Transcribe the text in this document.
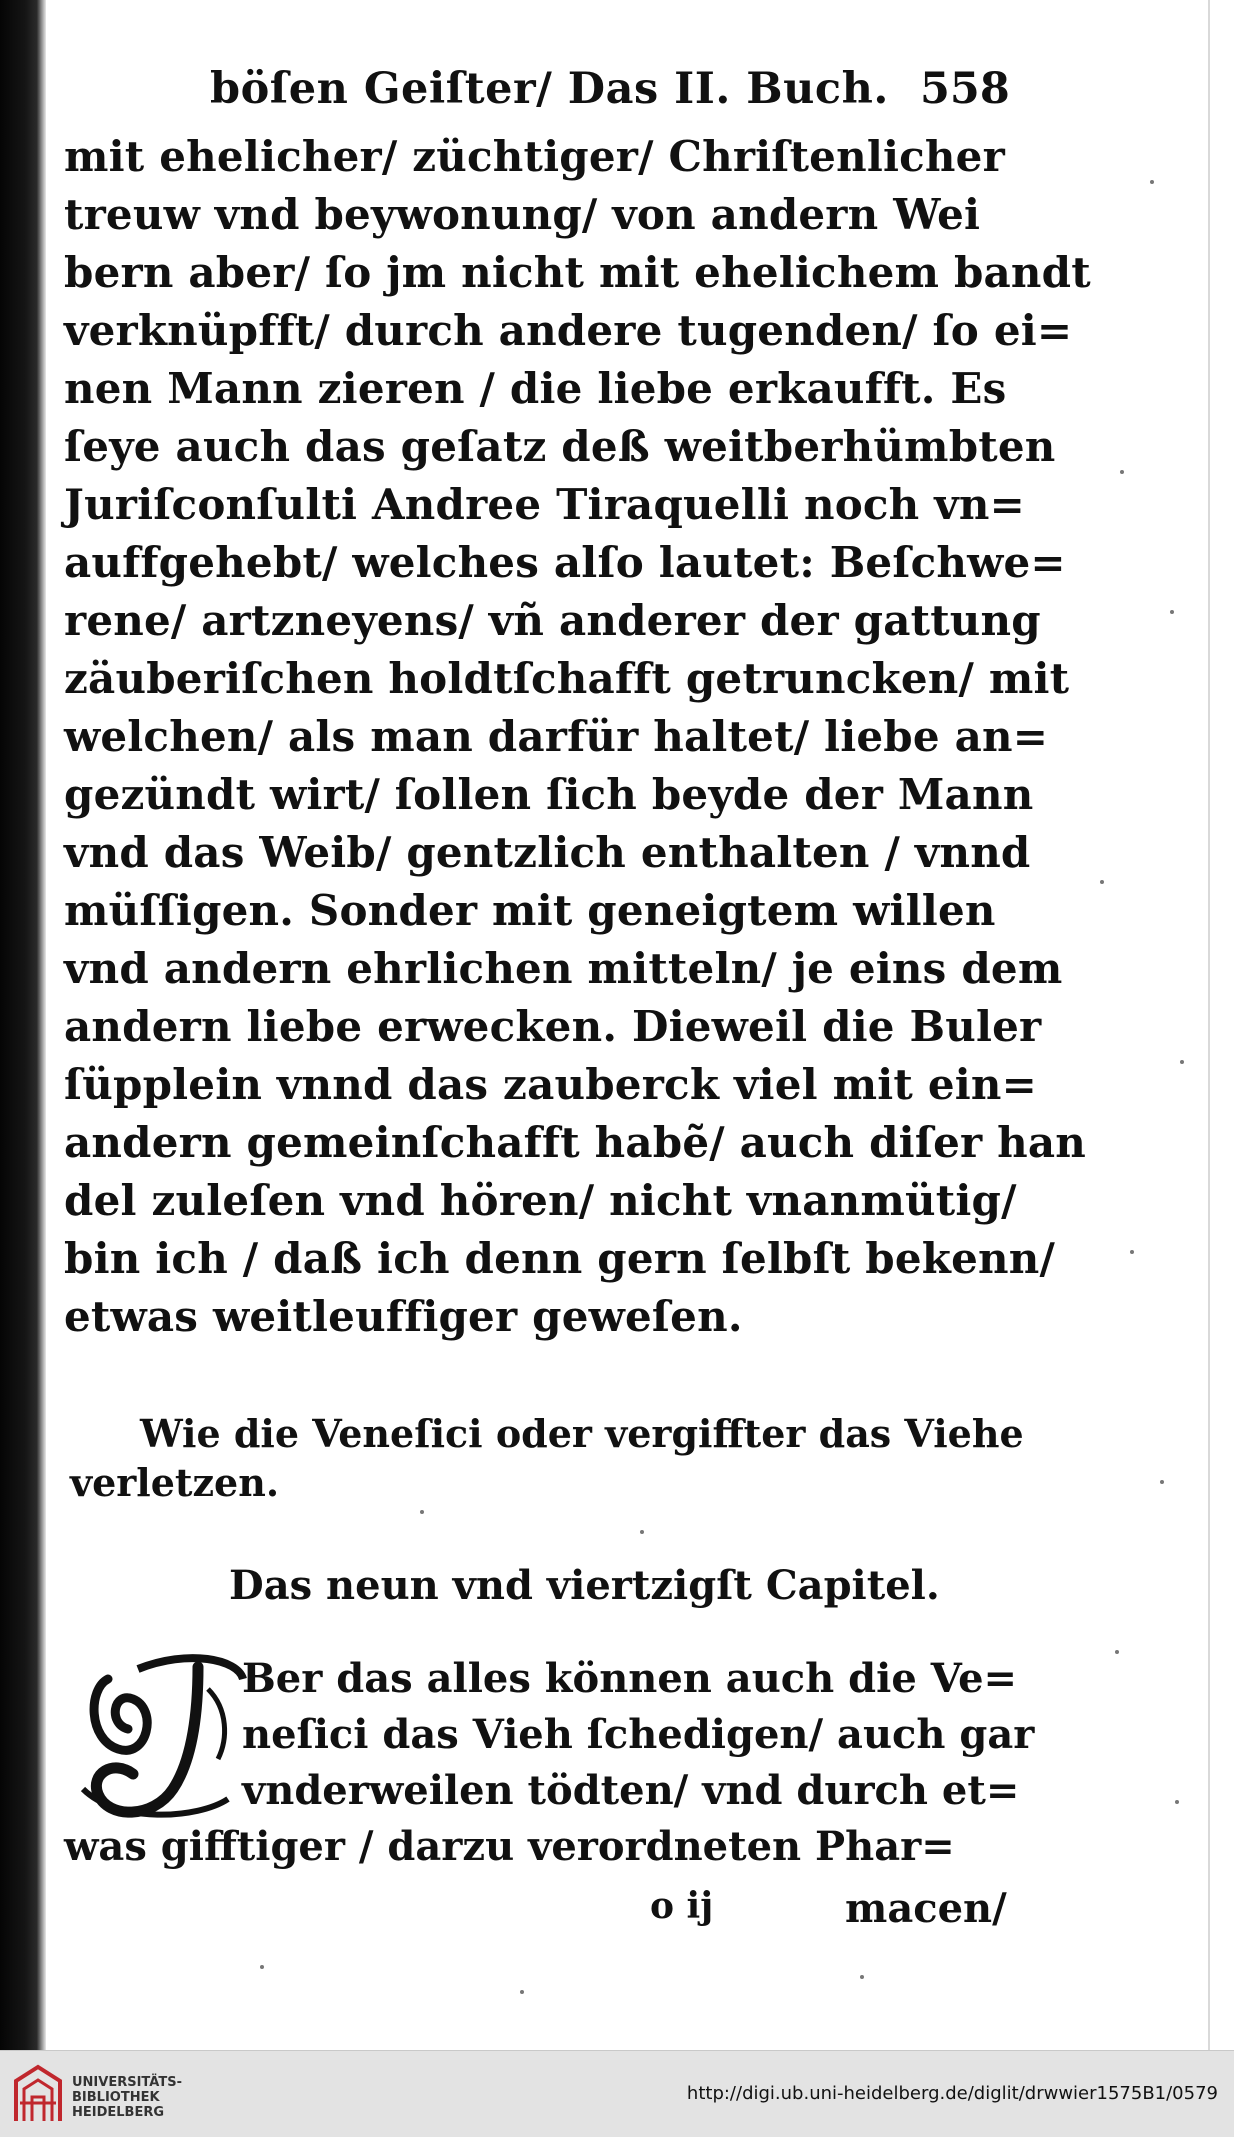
böſen Geiſter/ Das II. Buch. 558
mit ehelicher/ züchtiger/ Chriſtenlicher
treuw vnd beywonung/ von andern Wei
bern aber/ ſo jm nicht mit ehelichem bandt
verknüpfft/ durch andere tugenden/ ſo ei=
nen Mann zieren / die liebe erkaufft. Es
ſeye auch das geſatz deß weitberhümbten
Juriſconſulti Andree Tiraquelli noch vn=
auffgehebt/ welches alſo lautet: Beſchwe=
rene/ artzneyens/ vñ anderer der gattung
zäuberiſchen holdtſchafft getruncken/ mit
welchen/ als man darfür haltet/ liebe an=
gezündt wirt/ ſollen ſich beyde der Mann
vnd das Weib/ gentzlich enthalten / vnnd
müſſigen. Sonder mit geneigtem willen
vnd andern ehrlichen mitteln/ je eins dem
andern liebe erwecken. Dieweil die Buler
ſüpplein vnnd das zauberck viel mit ein=
andern gemeinſchafft habẽ/ auch diſer han
del zuleſen vnd hören/ nicht vnanmütig/
bin ich / daß ich denn gern ſelbſt bekenn/
etwas weitleuffiger geweſen.
Wie die Veneſici oder vergiffter das Viehe
verletzen.
Das neun vnd viertzigſt Capitel.
Ber das alles können auch die Ve=
neſici das Vieh ſchedigen/ auch gar
vnderweilen tödten/ vnd durch et=
was gifftiger / darzu verordneten Phar=
o ij	macen/
UNIVERSITÄTS-
BIBLIOTHEK
HEIDELBERG
http://digi.ub.uni-heidelberg.de/diglit/drwwier1575B1/0579
